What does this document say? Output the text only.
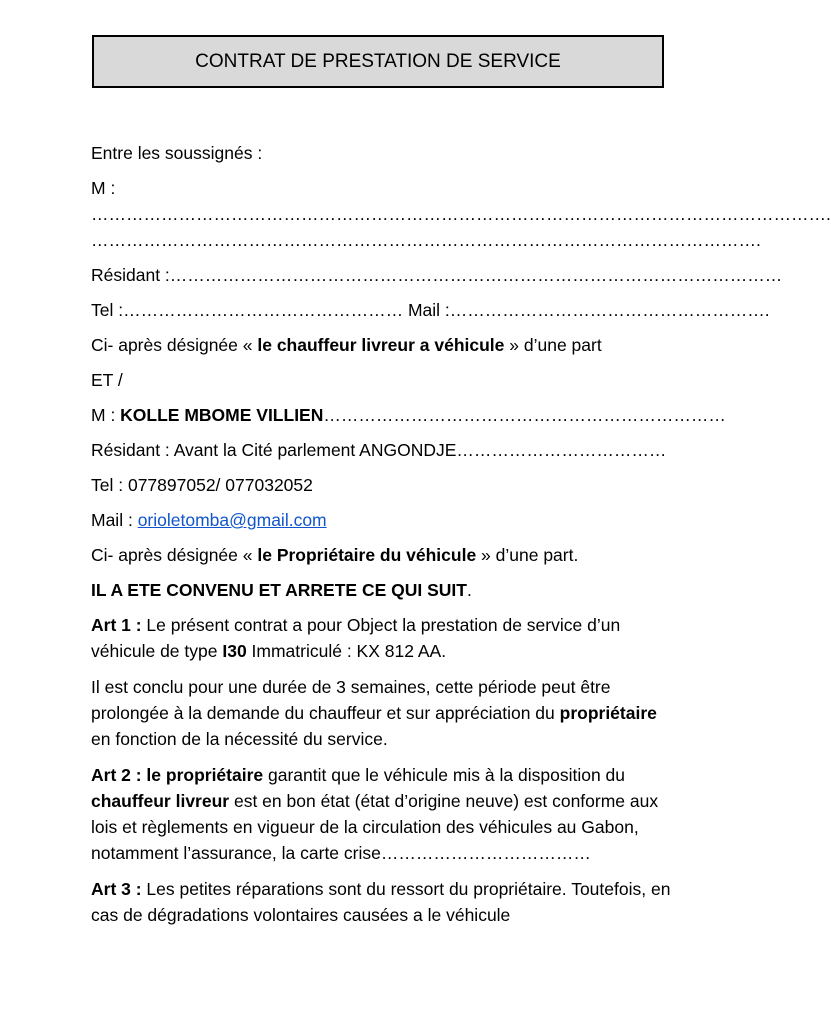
CONTRAT DE PRESTATION DE SERVICE

Entre les soussignés :

M :

……………………………………………………………………………………………………………….

…………………………………………………………………………………………………….

Résidant :……………………………………………………………………………………………

Tel :………………………………………… Mail :……………………………………………….

Ci- après désignée « le chauffeur livreur a véhicule » d’une part

ET /

M : KOLLE MBOME VILLIEN……………………………………………………………

Résidant : Avant la Cité parlement ANGONDJE………………………………

Tel : 077897052/ 077032052

Mail : orioletomba@gmail.com

Ci- après désignée « le Propriétaire du véhicule » d’une part.

IL A ETE CONVENU ET ARRETE CE QUI SUIT.

Art 1 : Le présent contrat a pour Object la prestation de service d’un véhicule de type I30 Immatriculé : KX 812 AA.

Il est conclu pour une durée de 3 semaines, cette période peut être prolongée à la demande du chauffeur et sur appréciation du propriétaire en fonction de la nécessité du service.

Art 2 : le propriétaire garantit que le véhicule mis à la disposition du chauffeur livreur est en bon état (état d’origine neuve) est conforme aux lois et règlements en vigueur de la circulation des véhicules au Gabon, notamment l’assurance, la carte crise………………………………

Art 3 : Les petites réparations sont du ressort du propriétaire. Toutefois, en cas de dégradations volontaires causées a le véhicule
